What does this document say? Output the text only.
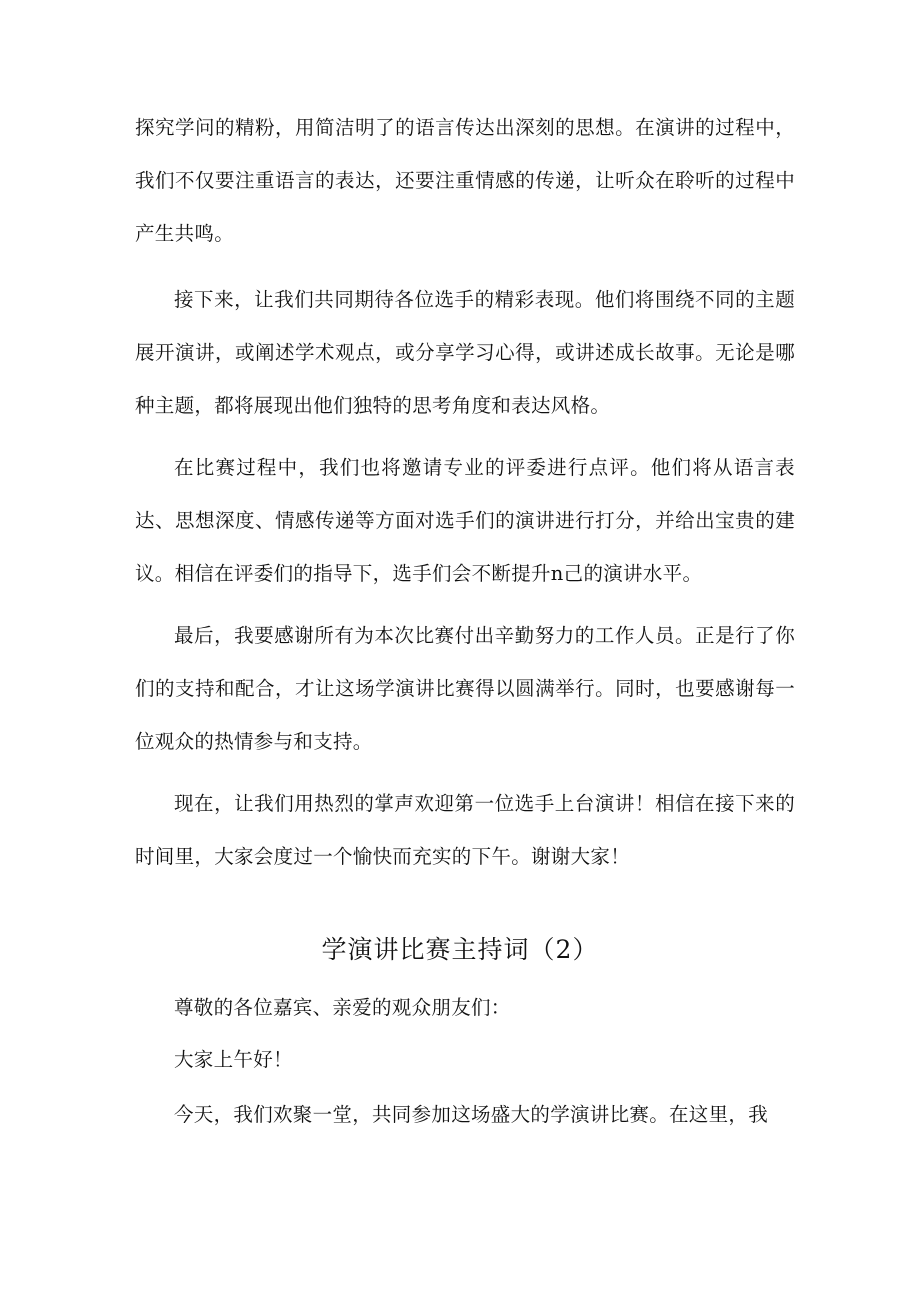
探究学问的精粉，用简洁明了的语言传达出深刻的思想。在演讲的过程中，我们不仅要注重语言的表达，还要注重情感的传递，让听众在聆听的过程中产生共鸣。

接下来，让我们共同期待各位选手的精彩表现。他们将围绕不同的主题展开演讲，或阐述学术观点，或分享学习心得，或讲述成长故事。无论是哪种主题，都将展现出他们独特的思考角度和表达风格。

在比赛过程中，我们也将邀请专业的评委进行点评。他们将从语言表达、思想深度、情感传递等方面对选手们的演讲进行打分，并给出宝贵的建议。相信在评委们的指导下，选手们会不断提升n己的演讲水平。

最后，我要感谢所有为本次比赛付出辛勤努力的工作人员。正是行了你们的支持和配合，才让这场学演讲比赛得以圆满举行。同时，也要感谢每一位观众的热情参与和支持。

现在，让我们用热烈的掌声欢迎第一位选手上台演讲！相信在接下来的时间里，大家会度过一个愉快而充实的下午。谢谢大家！

学演讲比赛主持词（2）

尊敬的各位嘉宾、亲爱的观众朋友们：

大家上午好！

今天，我们欢聚一堂，共同参加这场盛大的学演讲比赛。在这里，我
